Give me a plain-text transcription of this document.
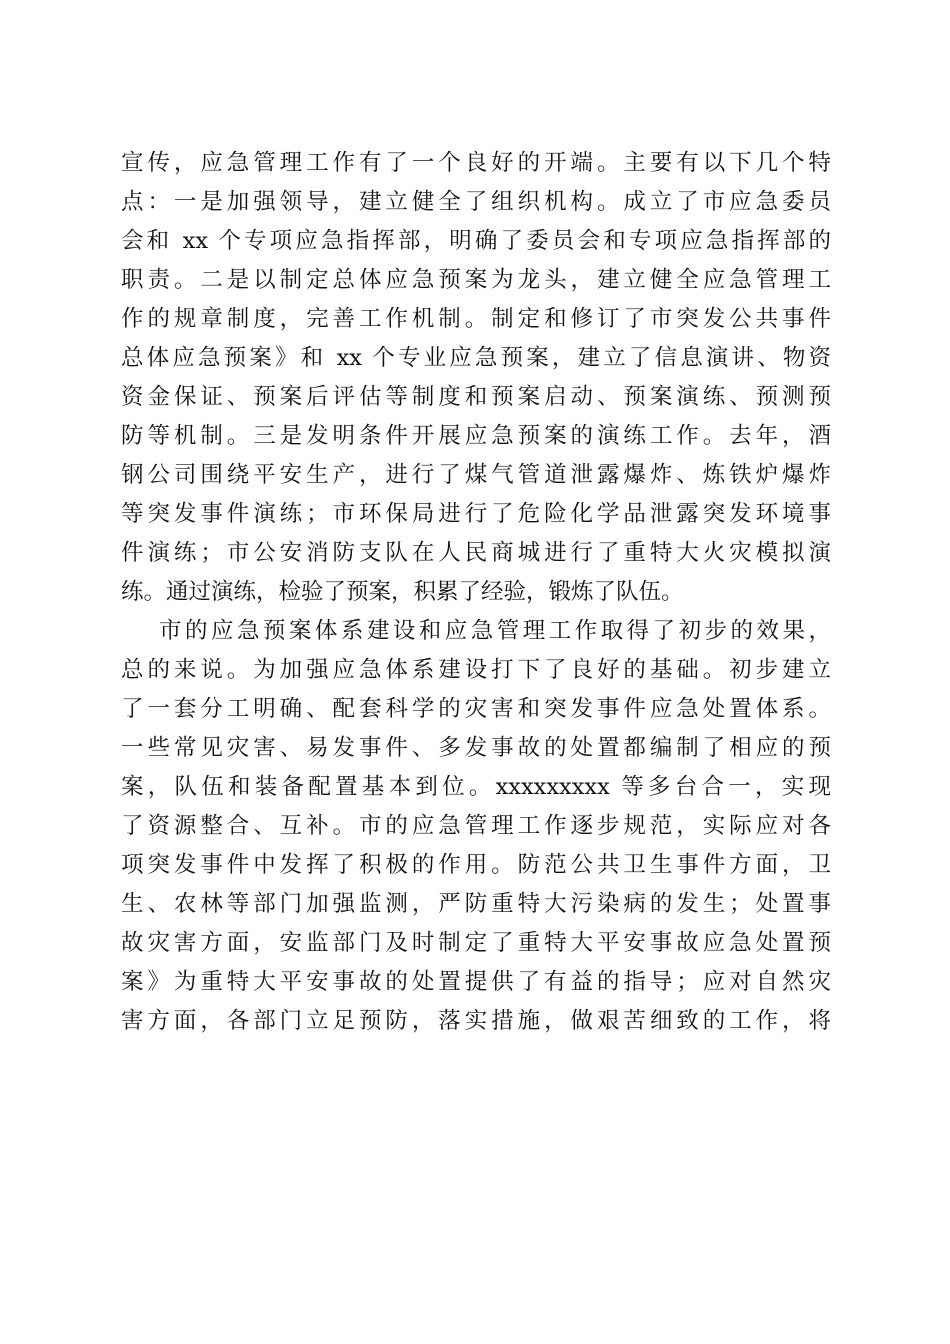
宣传，应急管理工作有了一个良好的开端。主要有以下几个特
点：一是加强领导，建立健全了组织机构。成立了市应急委员
会和 xx 个专项应急指挥部，明确了委员会和专项应急指挥部的
职责。二是以制定总体应急预案为龙头，建立健全应急管理工
作的规章制度，完善工作机制。制定和修订了市突发公共事件
总体应急预案》和 xx 个专业应急预案，建立了信息演讲、物资
资金保证、预案后评估等制度和预案启动、预案演练、预测预
防等机制。三是发明条件开展应急预案的演练工作。去年，酒
钢公司围绕平安生产，进行了煤气管道泄露爆炸、炼铁炉爆炸
等突发事件演练；市环保局进行了危险化学品泄露突发环境事
件演练；市公安消防支队在人民商城进行了重特大火灾模拟演
练。通过演练，检验了预案，积累了经验，锻炼了队伍。
市的应急预案体系建设和应急管理工作取得了初步的效果，
总的来说。为加强应急体系建设打下了良好的基础。初步建立
了一套分工明确、配套科学的灾害和突发事件应急处置体系。
一些常见灾害、易发事件、多发事故的处置都编制了相应的预
案，队伍和装备配置基本到位。xxxxxxxxx 等多台合一，实现
了资源整合、互补。市的应急管理工作逐步规范，实际应对各
项突发事件中发挥了积极的作用。防范公共卫生事件方面，卫
生、农林等部门加强监测，严防重特大污染病的发生；处置事
故灾害方面，安监部门及时制定了重特大平安事故应急处置预
案》为重特大平安事故的处置提供了有益的指导；应对自然灾
害方面，各部门立足预防，落实措施，做艰苦细致的工作，将
